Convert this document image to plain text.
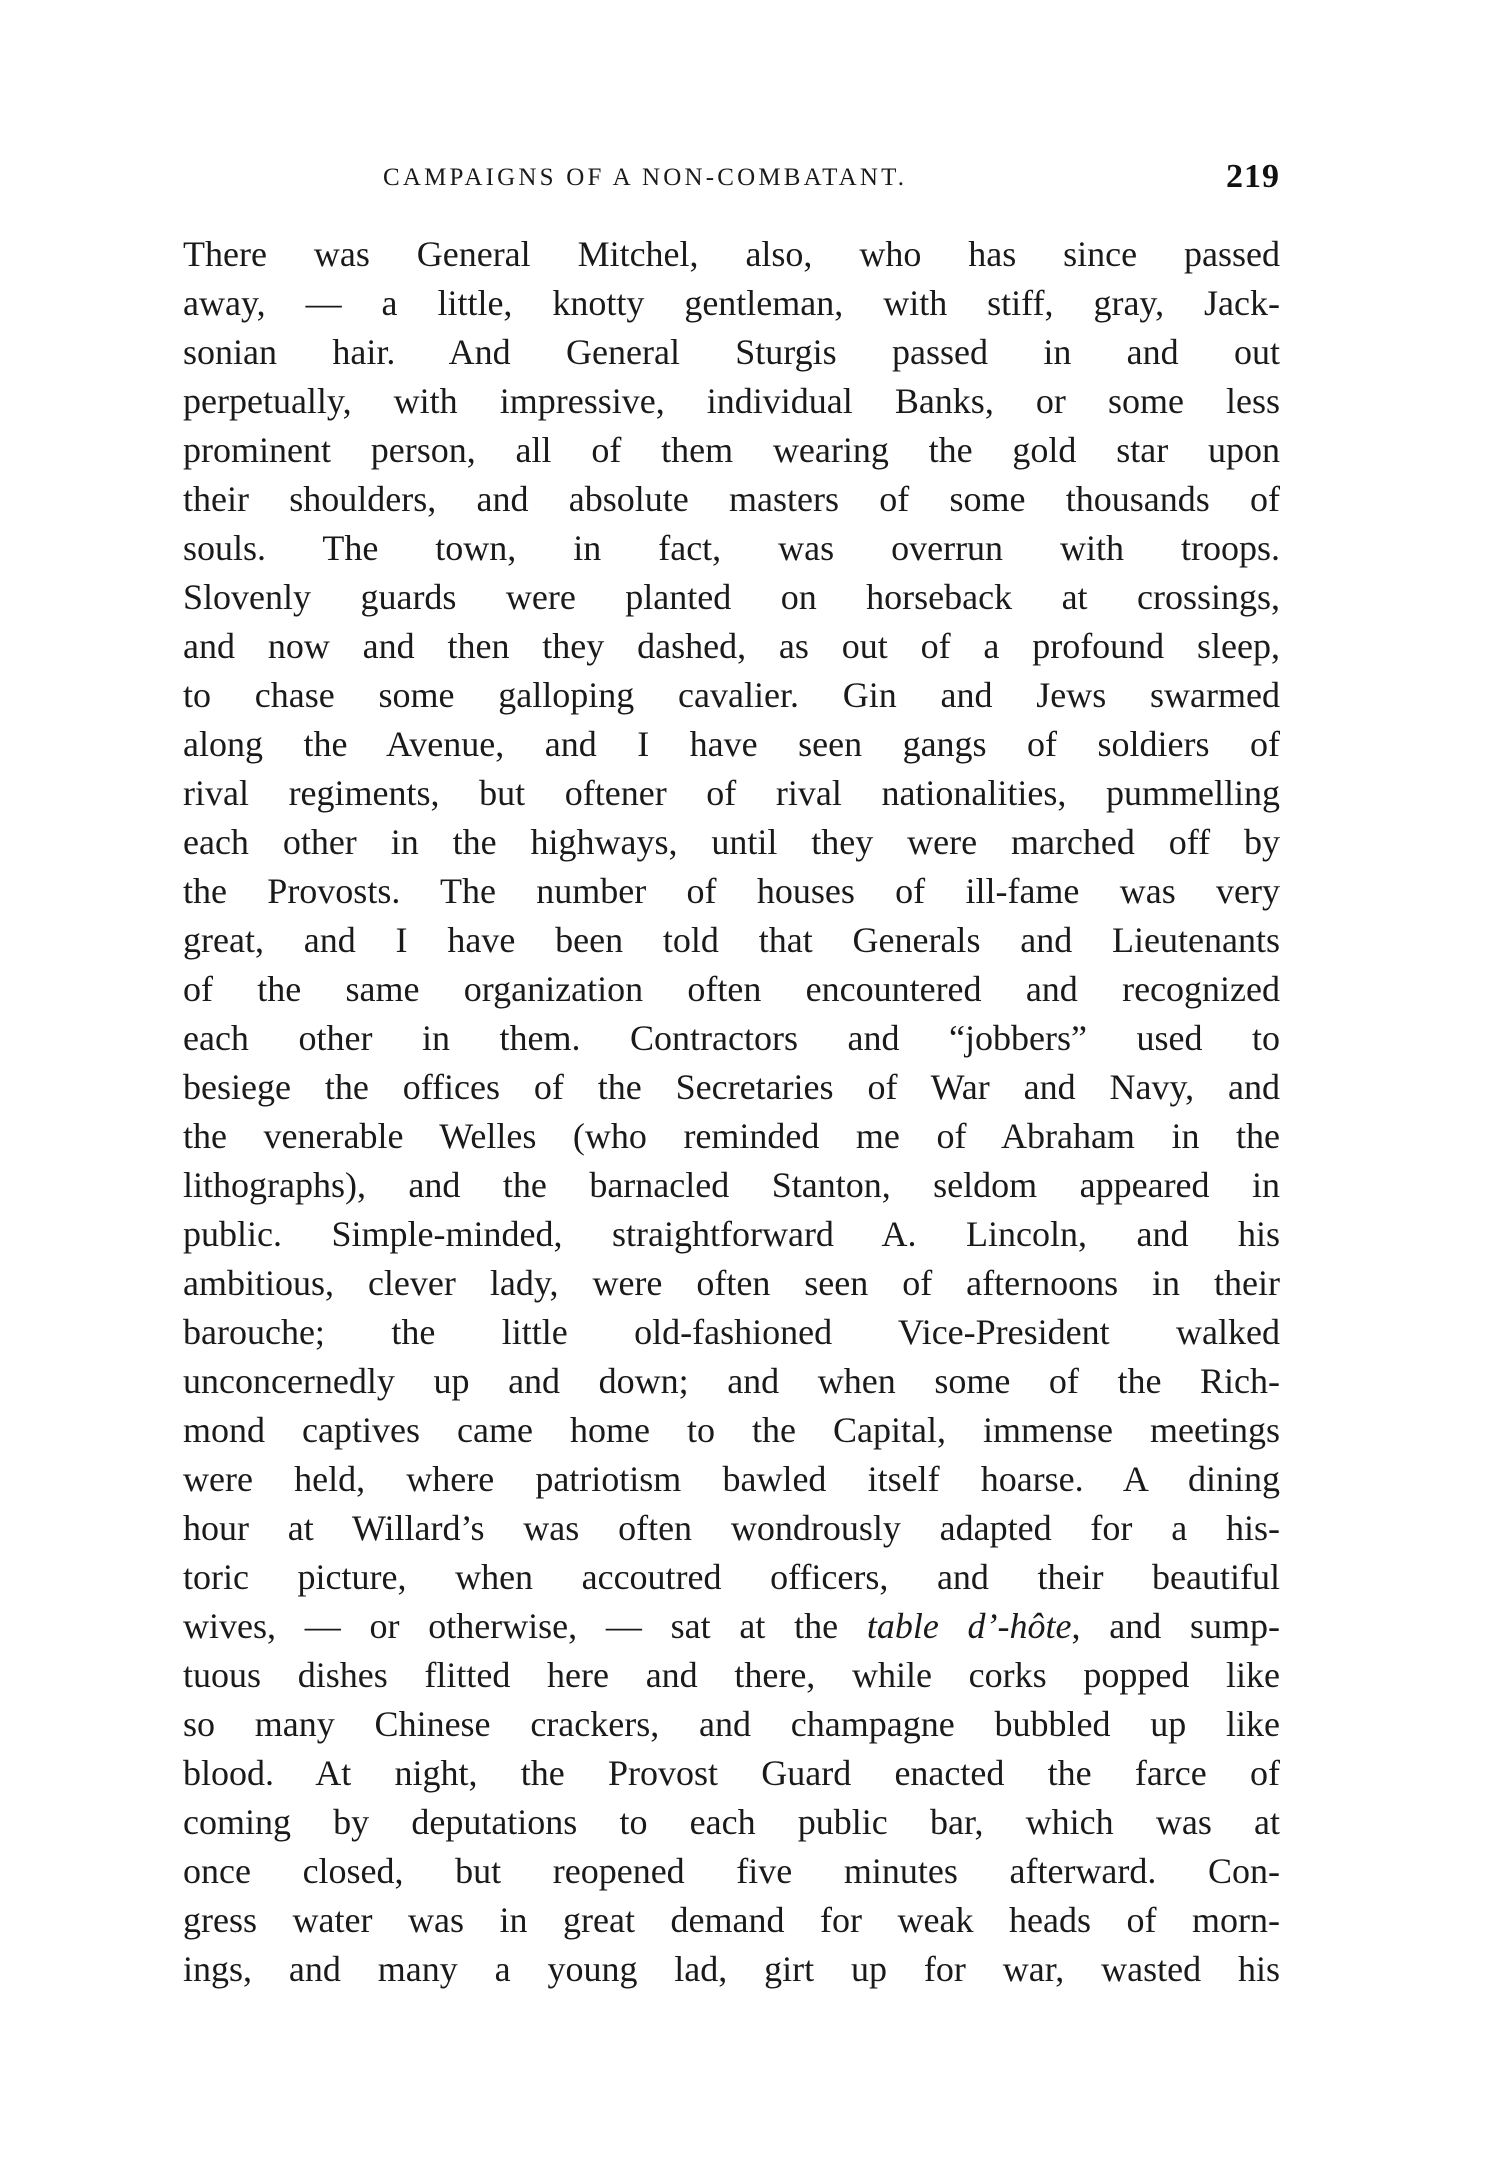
CAMPAIGNS OF A NON-COMBATANT.	219
There was General Mitchel, also, who has since passed
away, — a little, knotty gentleman, with stiff, gray, Jack-
sonian hair. And General Sturgis passed in and out
perpetually, with impressive, individual Banks, or some less
prominent person, all of them wearing the gold star upon
their shoulders, and absolute masters of some thousands of
souls. The town, in fact, was overrun with troops.
Slovenly guards were planted on horseback at crossings,
and now and then they dashed, as out of a profound sleep,
to chase some galloping cavalier. Gin and Jews swarmed
along the Avenue, and I have seen gangs of soldiers of
rival regiments, but oftener of rival nationalities, pummelling
each other in the highways, until they were marched off by
the Provosts. The number of houses of ill-fame was very
great, and I have been told that Generals and Lieutenants
of the same organization often encountered and recognized
each other in them. Contractors and “jobbers” used to
besiege the offices of the Secretaries of War and Navy, and
the venerable Welles (who reminded me of Abraham in the
lithographs), and the barnacled Stanton, seldom appeared in
public. Simple-minded, straightforward A. Lincoln, and his
ambitious, clever lady, were often seen of afternoons in their
barouche; the little old-fashioned Vice-President walked
unconcernedly up and down; and when some of the Rich-
mond captives came home to the Capital, immense meetings
were held, where patriotism bawled itself hoarse. A dining
hour at Willard’s was often wondrously adapted for a his-
toric picture, when accoutred officers, and their beautiful
wives, — or otherwise, — sat at the table d’-hôte, and sump-
tuous dishes flitted here and there, while corks popped like
so many Chinese crackers, and champagne bubbled up like
blood. At night, the Provost Guard enacted the farce of
coming by deputations to each public bar, which was at
once closed, but reopened five minutes afterward. Con-
gress water was in great demand for weak heads of morn-
ings, and many a young lad, girt up for war, wasted his
